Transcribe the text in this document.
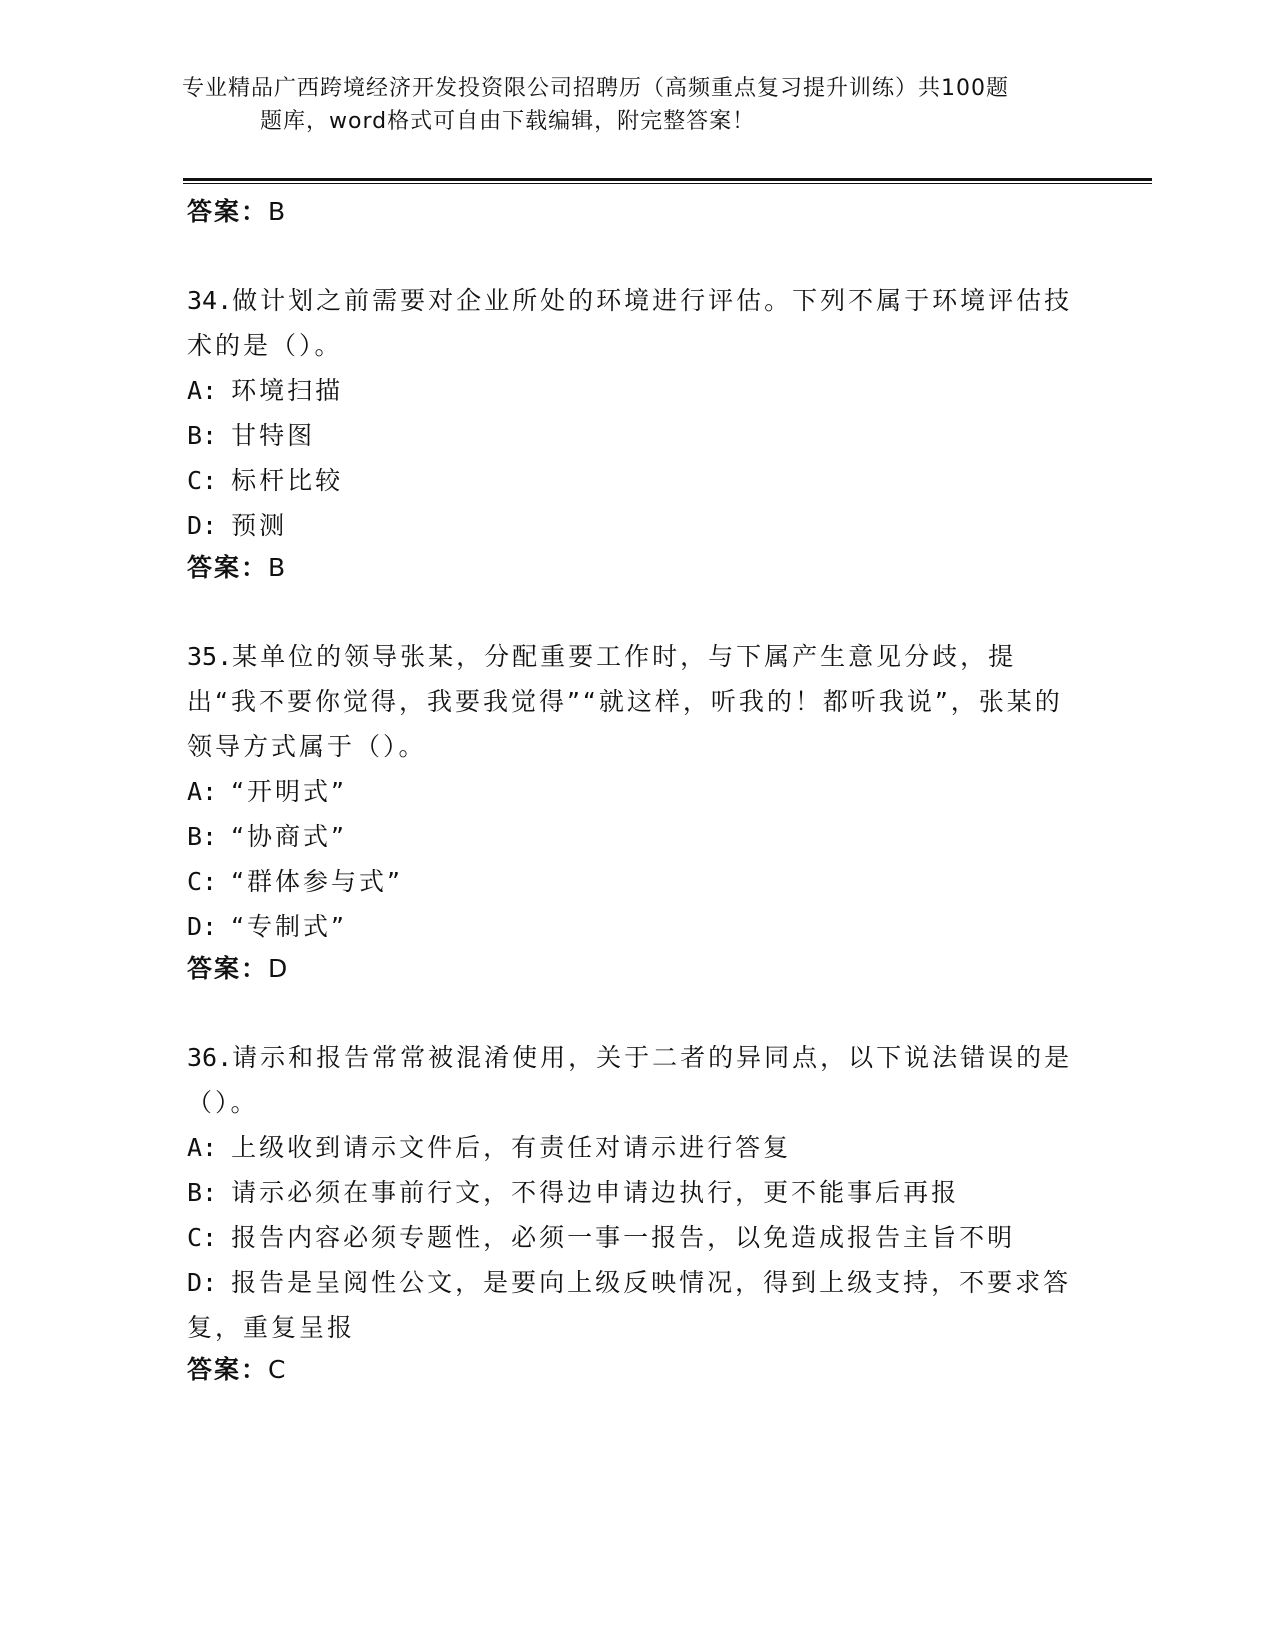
专业精品广西跨境经济开发投资限公司招聘历（高频重点复习提升训练）共100题
题库，word格式可自由下载编辑，附完整答案！
答案：B
34.做计划之前需要对企业所处的环境进行评估。下列不属于环境评估技术的是（）。
A: 环境扫描
B: 甘特图
C: 标杆比较
D: 预测
答案：B
35.某单位的领导张某，分配重要工作时，与下属产生意见分歧，提出“我不要你觉得，我要我觉得”“就这样，听我的！都听我说”，张某的领导方式属于（）。
A: “开明式”
B: “协商式”
C: “群体参与式”
D: “专制式”
答案：D
36.请示和报告常常被混淆使用，关于二者的异同点，以下说法错误的是（）。
A: 上级收到请示文件后，有责任对请示进行答复
B: 请示必须在事前行文，不得边申请边执行，更不能事后再报
C: 报告内容必须专题性，必须一事一报告，以免造成报告主旨不明
D: 报告是呈阅性公文，是要向上级反映情况，得到上级支持，不要求答复，重复呈报
答案：C
